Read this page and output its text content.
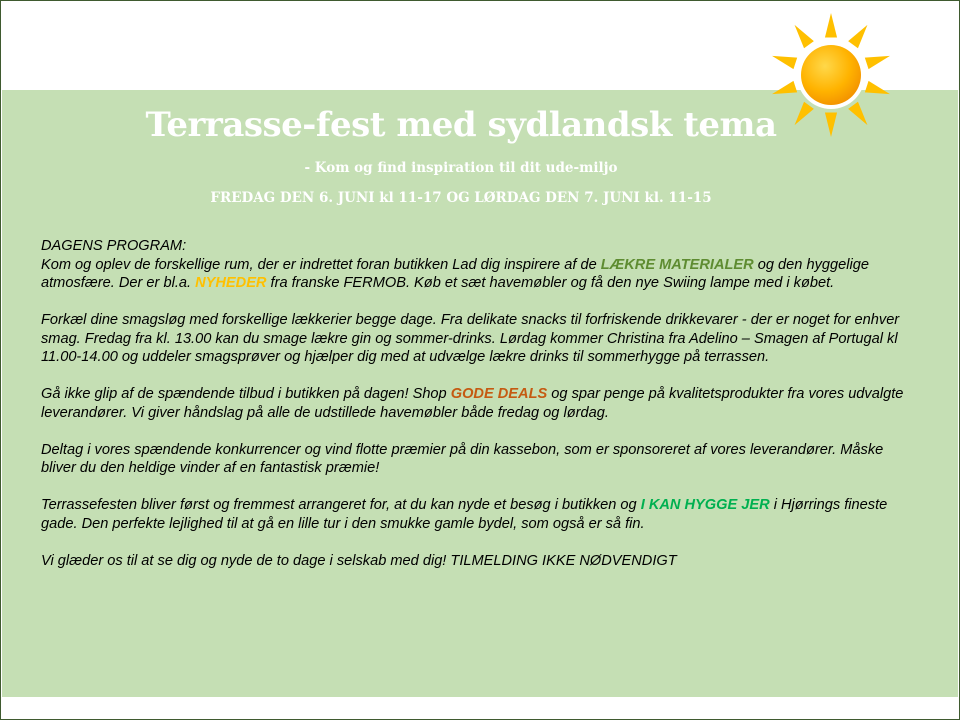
Terrasse-fest med sydlandsk tema
- Kom og find inspiration til dit ude-miljo
FREDAG DEN 6. JUNI kl 11-17 OG LØRDAG DEN 7. JUNI kl. 11-15

DAGENS PROGRAM:
Kom og oplev de forskellige rum, der er indrettet foran butikken Lad dig inspirere af de LÆKRE MATERIALER og den hyggelige atmosfære. Der er bl.a. NYHEDER fra franske FERMOB. Køb et sæt havemøbler og få den nye Swiing lampe med i købet.

Forkæl dine smagsløg med forskellige lækkerier begge dage. Fra delikate snacks til forfriskende drikkevarer - der er noget for enhver smag. Fredag fra kl. 13.00 kan du smage lækre gin og sommer-drinks. Lørdag kommer Christina fra Adelino – Smagen af Portugal kl 11.00-14.00 og uddeler smagsprøver og hjælper dig med at udvælge lækre drinks til sommerhygge på terrassen.

Gå ikke glip af de spændende tilbud i butikken på dagen! Shop GODE DEALS og spar penge på kvalitetsprodukter fra vores udvalgte leverandører. Vi giver håndslag på alle de udstillede havemøbler både fredag og lørdag.

Deltag i vores spændende konkurrencer og vind flotte præmier på din kassebon, som er sponsoreret af vores leverandører. Måske bliver du den heldige vinder af en fantastisk præmie!

Terrassefesten bliver først og fremmest arrangeret for, at du kan nyde et besøg i butikken og I KAN HYGGE JER i Hjørrings fineste gade. Den perfekte lejlighed til at gå en lille tur i den smukke gamle bydel, som også er så fin.

Vi glæder os til at se dig og nyde de to dage i selskab med dig! TILMELDING IKKE NØDVENDIGT
